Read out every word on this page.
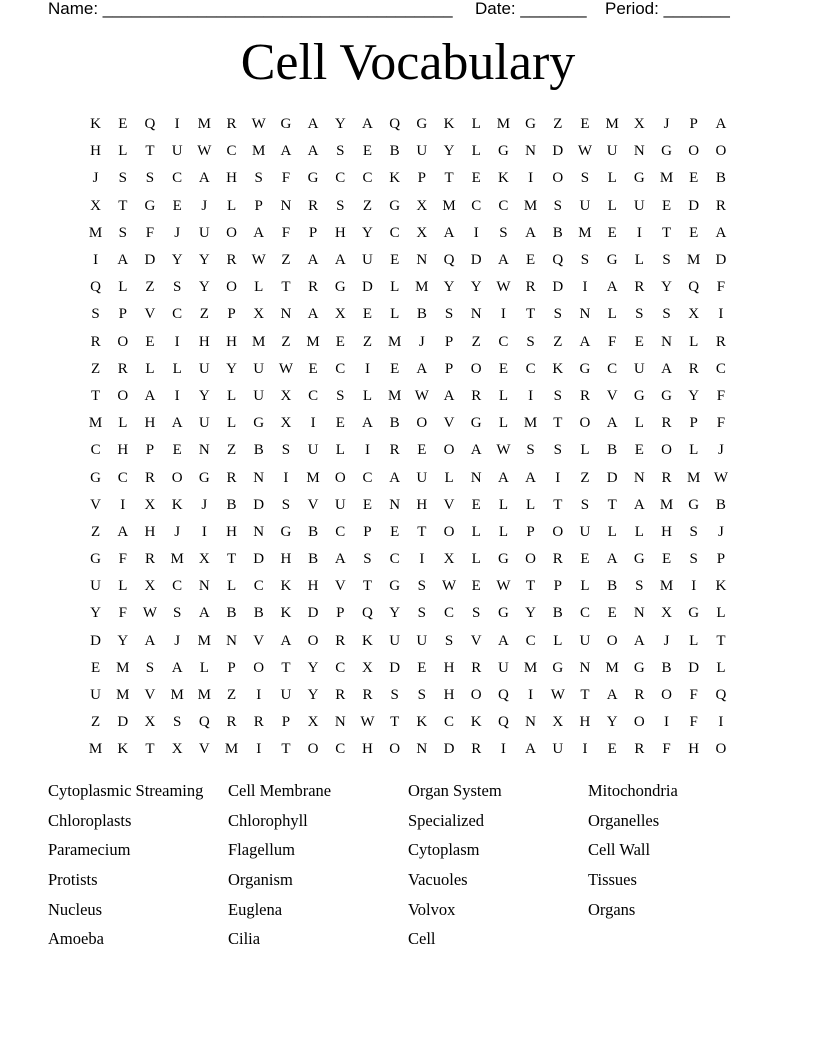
Name: _____________________________________ Date: _______ Period: _______
Cell Vocabulary
K	E	Q	I	M	R	W G	A	Y	A	Q	G	K	L	M	G	Z	E	M	X	J	P	A
H	L	T	U W	C	M	A	A	S	E	B	U	Y	L	G	N	D W U	N	G	O	O
J	S	S	C	A	H	S	F	G	C	C	K	P	T	E	K	I	O	S	L	G	M	E	B
X	T	G	E	J	L	P	N	R	S	Z	G	X	M	C	C	M	S	U	L	U	E	D	R
M	S	F	J	U	O	A	F	P	H	Y	C	X	A	I	S	A	B	M	E	I	T	E	A
I	A	D	Y	Y	R	W	Z	A	A	U	E	N	Q	D	A	E	Q	S	G	L	S	M	D
Q	L	Z	S	Y	O	L	T	R	G	D	L	M	Y	Y W	R	D	I	A	R	Y	Q	F
S	P	V	C	Z	P	X	N	A	X	E	L	B	S	N	I	T	S	N	L	S	S	X	I
R	O	E	I	H	H	M	Z	M	E	Z	M	J	P	Z	C	S	Z	A	F	E	N	L	R
Z	R	L	L	U	Y	U W	E	C	I	E	A	P	O	E	C	K	G	C	U	A	R	C
T	O	A	I	Y	L	U	X	C	S	L	M W A	R	L	I	S	R	V	G	G	Y	F
M	L	H	A	U	L	G	X	I	E	A	B	O	V	G	L	M	T	O	A	L	R	P	F
C	H	P	E	N	Z	B	S	U	L	I	R	E	O	A W	S	S	L	B	E	O	L	J
G	C	R	O	G	R	N	I	M	O	C	A	U	L	N	A	A	I	Z	D	N	R	M W
V	I	X	K	J	B	D	S	V	U	E	N	H	V	E	L	L	T	S	T	A	M	G	B
Z	A	H	J	I	H	N	G	B	C	P	E	T	O	L	L	P	O	U	L	L	H	S	J
G	F	R	M	X	T	D	H	B	A	S	C	I	X	L	G	O	R	E	A	G	E	S	P
U	L	X	C	N	L	C	K	H	V	T	G	S	W	E	W	T	P	L	B	S	M	I	K
Y	F	W	S	A	B	B	K	D	P	Q	Y	S	C	S	G	Y	B	C	E	N	X	G	L
D	Y	A	J	M	N	V	A	O	R	K	U	U	S	V	A	C	L	U	O	A	J	L	T
E	M	S	A	L	P	O	T	Y	C	X	D	E	H	R	U	M	G	N	M	G	B	D	L
U	M	V	M M	Z	I	U	Y	R	R	S	S	H	O	Q	I	W	T	A	R	O	F	Q
Z	D	X	S	Q	R	R	P	X	N W	T	K	C	K	Q	N	X	H	Y	O	I	F	I
M	K	T	X	V	M	I	T	O	C	H	O	N	D	R	I	A	U	I	E	R	F	H	O
Cytoplasmic Streaming	Cell Membrane	Organ System	Mitochondria
Chloroplasts	Chlorophyll	Specialized	Organelles
Paramecium	Flagellum	Cytoplasm	Cell Wall
Protists	Organism	Vacuoles	Tissues
Nucleus	Euglena	Volvox	Organs
Amoeba	Cilia	Cell
